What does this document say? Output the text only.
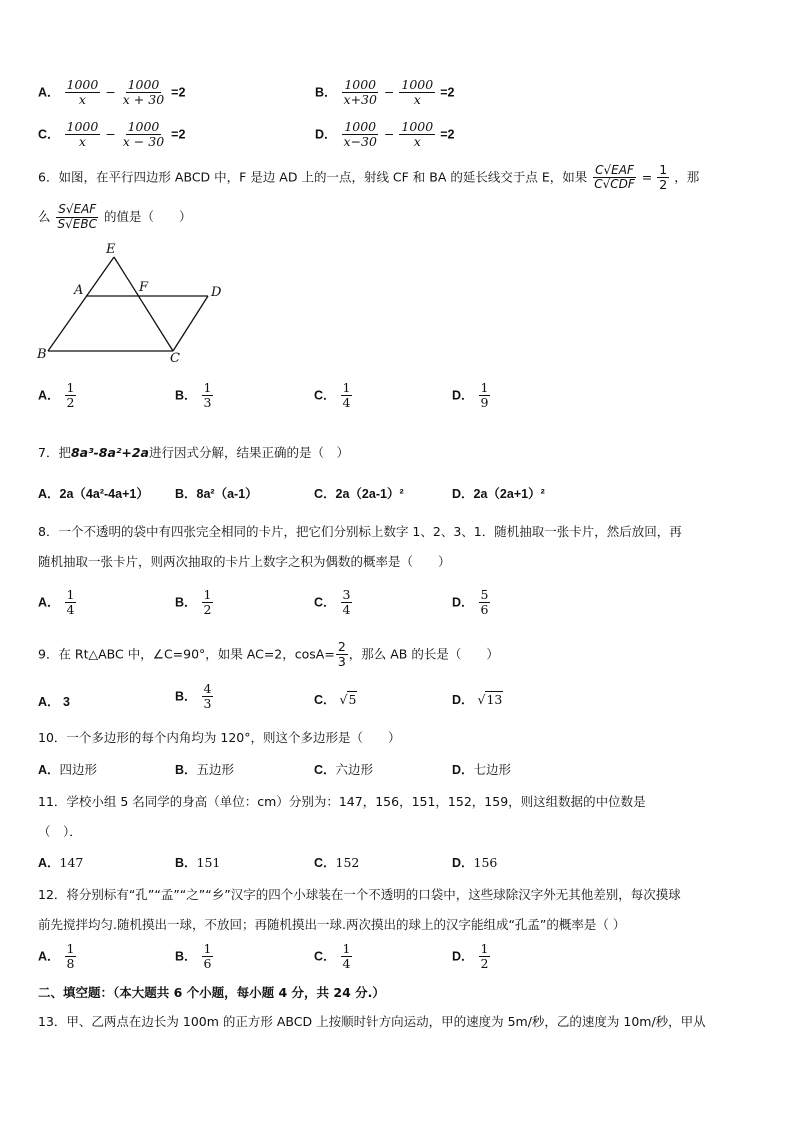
A． $\frac{1000}{x} - \frac{1000}{x + 30} =2$	B． $\frac{1000}{x+30} - \frac{1000}{x} =2$
C． $\frac{1000}{x} - \frac{1000}{x - 30} =2$	D． $\frac{1000}{x-30} - \frac{1000}{x} =2$
6．如图，在平行四边形 ABCD 中，F 是边 AD 上的一点，射线 CF 和 BA 的延长线交于点 E，如果 $\frac{\text{C√EAF}}{\text{C√CDF}} = \frac{1}{2}$ ，那
么 $\frac{\text{S√EAF}}{\text{S√EBC}}$ 的值是（　　）
E
A	F	D
B	C
A． $\frac{1}{2}$	B． $\frac{1}{3}$	C． $\frac{1}{4}$	D． $\frac{1}{9}$
7．把8a³-8a²+2a进行因式分解，结果正确的是（　）
A．2a（4a²-4a+1） B．8a²（a-1）	C．2a（2a-1）²	D．2a（2a+1）²
8．一个不透明的袋中有四张完全相同的卡片，把它们分别标上数字 1、2、3、1．随机抽取一张卡片，然后放回，再
随机抽取一张卡片，则两次抽取的卡片上数字之积为偶数的概率是（　　）
A． $\frac{1}{4}$	B． $\frac{1}{2}$	C． $\frac{3}{4}$	D． $\frac{5}{6}$
9．在 Rt△ABC 中，∠C=90°，如果 AC=2，$\cos A= \frac{2}{3}$ ，那么 AB 的长是（　　）
A． 3	B． $\frac{4}{3}$	C． √5	D． √13
10．一个多边形的每个内角均为 120°，则这个多边形是（　　）
A．四边形	B．五边形	C．六边形	D．七边形
11．学校小组 5 名同学的身高（单位：cm）分别为：147，156，151，152，159，则这组数据的中位数是
（　）．
A．147	B．151	C．152	D．156
12．将分别标有“孔”“孟”“之”“乡”汉字的四个小球装在一个不透明的口袋中，这些球除汉字外无其他差别，每次摸球
前先搅拌均匀.随机摸出一球，不放回；再随机摸出一球.两次摸出的球上的汉字能组成“孔孟”的概率是（ ）
A． $\frac{1}{8}$	B． $\frac{1}{6}$	C． $\frac{1}{4}$	D． $\frac{1}{2}$
二、填空题：（本大题共 6 个小题，每小题 4 分，共 24 分.）
13．甲、乙两点在边长为 100m 的正方形 ABCD 上按顺时针方向运动，甲的速度为 5m/秒，乙的速度为 10m/秒，甲从
